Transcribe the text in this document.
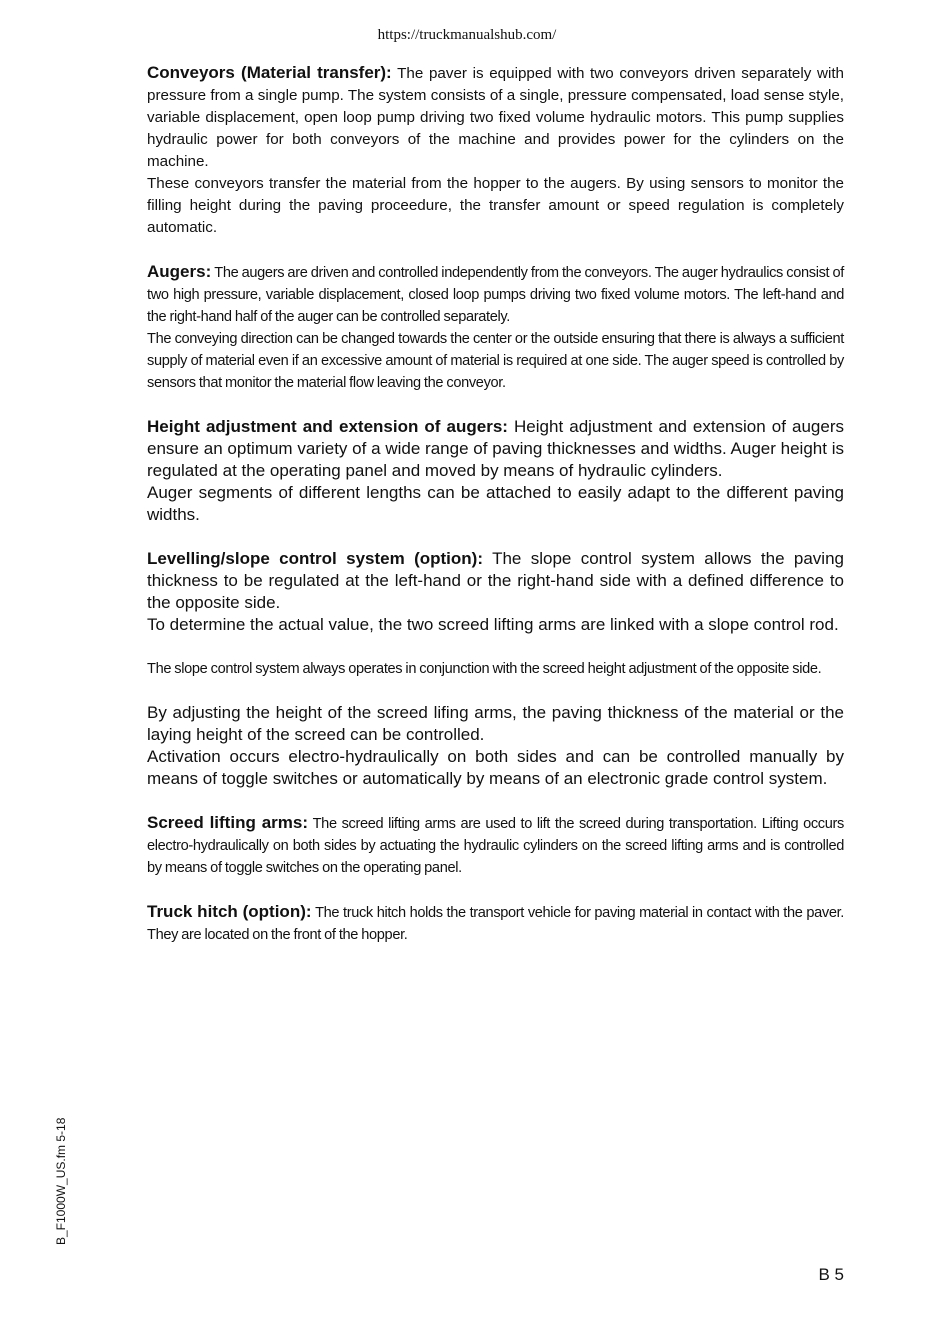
https://truckmanualshub.com/

Conveyors (Material transfer): The paver is equipped with two conveyors driven separately with pressure from a single pump. The system consists of a single, pressure compensated, load sense style, variable displacement, open loop pump driving two fixed volume hydraulic motors. This pump supplies hydraulic power for both conveyors of the machine and provides power for the cylinders on the machine.

These conveyors transfer the material from the hopper to the augers. By using sensors to monitor the filling height during the paving proceedure, the transfer amount or speed regulation is completely automatic.

Augers: The augers are driven and controlled independently from the conveyors. The auger hydraulics consist of two high pressure, variable displacement, closed loop pumps driving two fixed volume motors. The left-hand and the right-hand half of the auger can be controlled separately.

The conveying direction can be changed towards the center or the outside ensuring that there is always a sufficient supply of material even if an excessive amount of material is required at one side. The auger speed is controlled by sensors that monitor the material flow leaving the conveyor.

Height adjustment and extension of augers: Height adjustment and extension of augers ensure an optimum variety of a wide range of paving thicknesses and widths. Auger height is regulated at the operating panel and moved by means of hydraulic cylinders.

Auger segments of different lengths can be attached to easily adapt to the different paving widths.

Levelling/slope control system (option): The slope control system allows the paving thickness to be regulated at the left-hand or the right-hand side with a defined difference to the opposite side.

To determine the actual value, the two screed lifting arms are linked with a slope control rod.

The slope control system always operates in conjunction with the screed height adjustment of the opposite side.

By adjusting the height of the screed lifing arms, the paving thickness of the material or the laying height of the screed can be controlled.

Activation occurs electro-hydraulically on both sides and can be controlled manually by means of toggle switches or automatically by means of an electronic grade control system.

Screed lifting arms: The screed lifting arms are used to lift the screed during transportation. Lifting occurs electro-hydraulically on both sides by actuating the hydraulic cylinders on the screed lifting arms and is controlled by means of toggle switches on the operating panel.

Truck hitch (option): The truck hitch holds the transport vehicle for paving material in contact with the paver. They are located on the front of the hopper.

B_F1000W_US.fm 5-18
B 5
